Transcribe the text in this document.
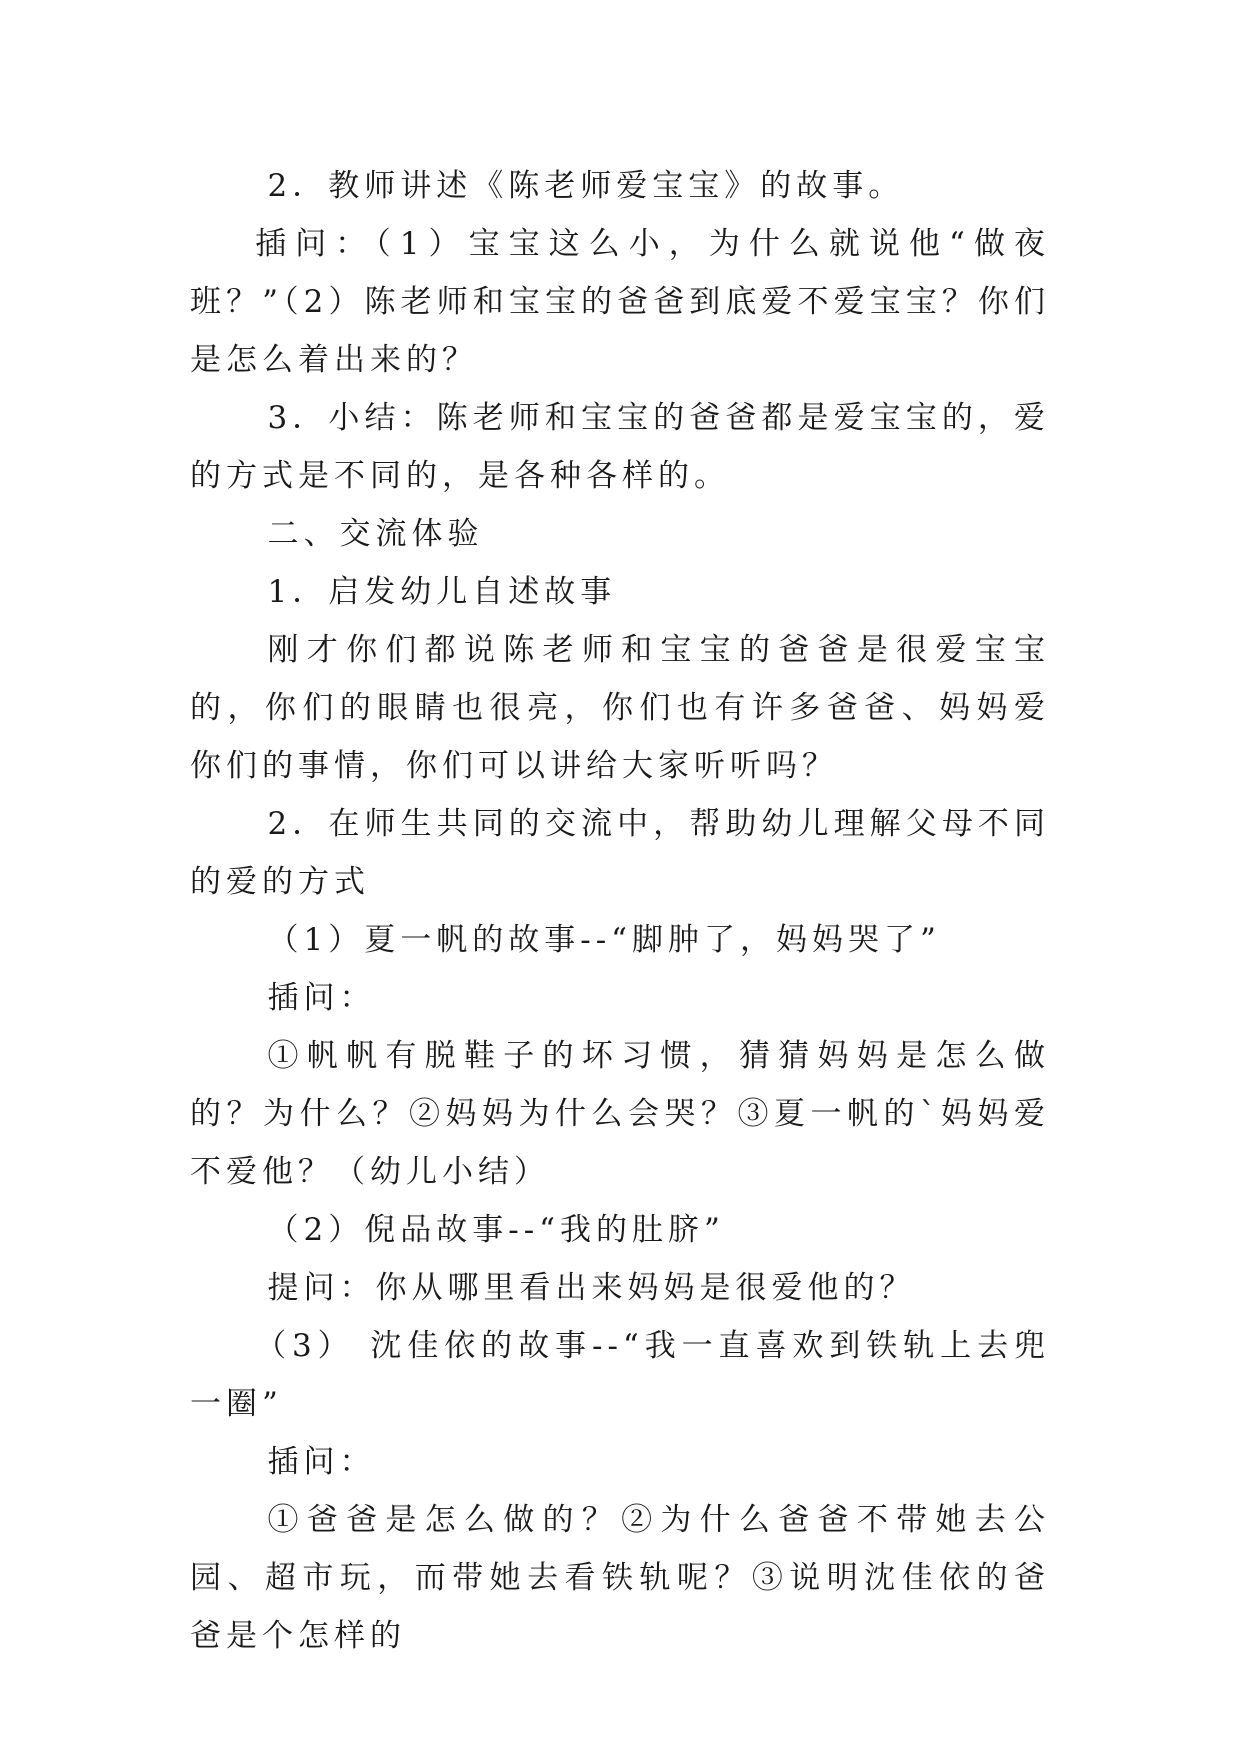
2．教师讲述《陈老师爱宝宝》的故事。

插问：（1）宝宝这么小，为什么就说他“做夜班？”（2）陈老师和宝宝的爸爸到底爱不爱宝宝？你们是怎么着出来的？

3．小结：陈老师和宝宝的爸爸都是爱宝宝的，爱的方式是不同的，是各种各样的。

二、交流体验

1．启发幼儿自述故事

刚才你们都说陈老师和宝宝的爸爸是很爱宝宝的，你们的眼睛也很亮，你们也有许多爸爸、妈妈爱你们的事情，你们可以讲给大家听听吗？

2．在师生共同的交流中，帮助幼儿理解父母不同的爱的方式

（1）夏一帆的故事--“脚肿了，妈妈哭了”

插问：

①帆帆有脱鞋子的坏习惯，猜猜妈妈是怎么做的？为什么？②妈妈为什么会哭？③夏一帆的`妈妈爱不爱他？（幼儿小结）

（2）倪品故事--“我的肚脐”

提问：你从哪里看出来妈妈是很爱他的？

（3） 沈佳依的故事--“我一直喜欢到铁轨上去兜一圈”

插问：

①爸爸是怎么做的？②为什么爸爸不带她去公园、超市玩，而带她去看铁轨呢？③说明沈佳依的爸爸是个怎样的
